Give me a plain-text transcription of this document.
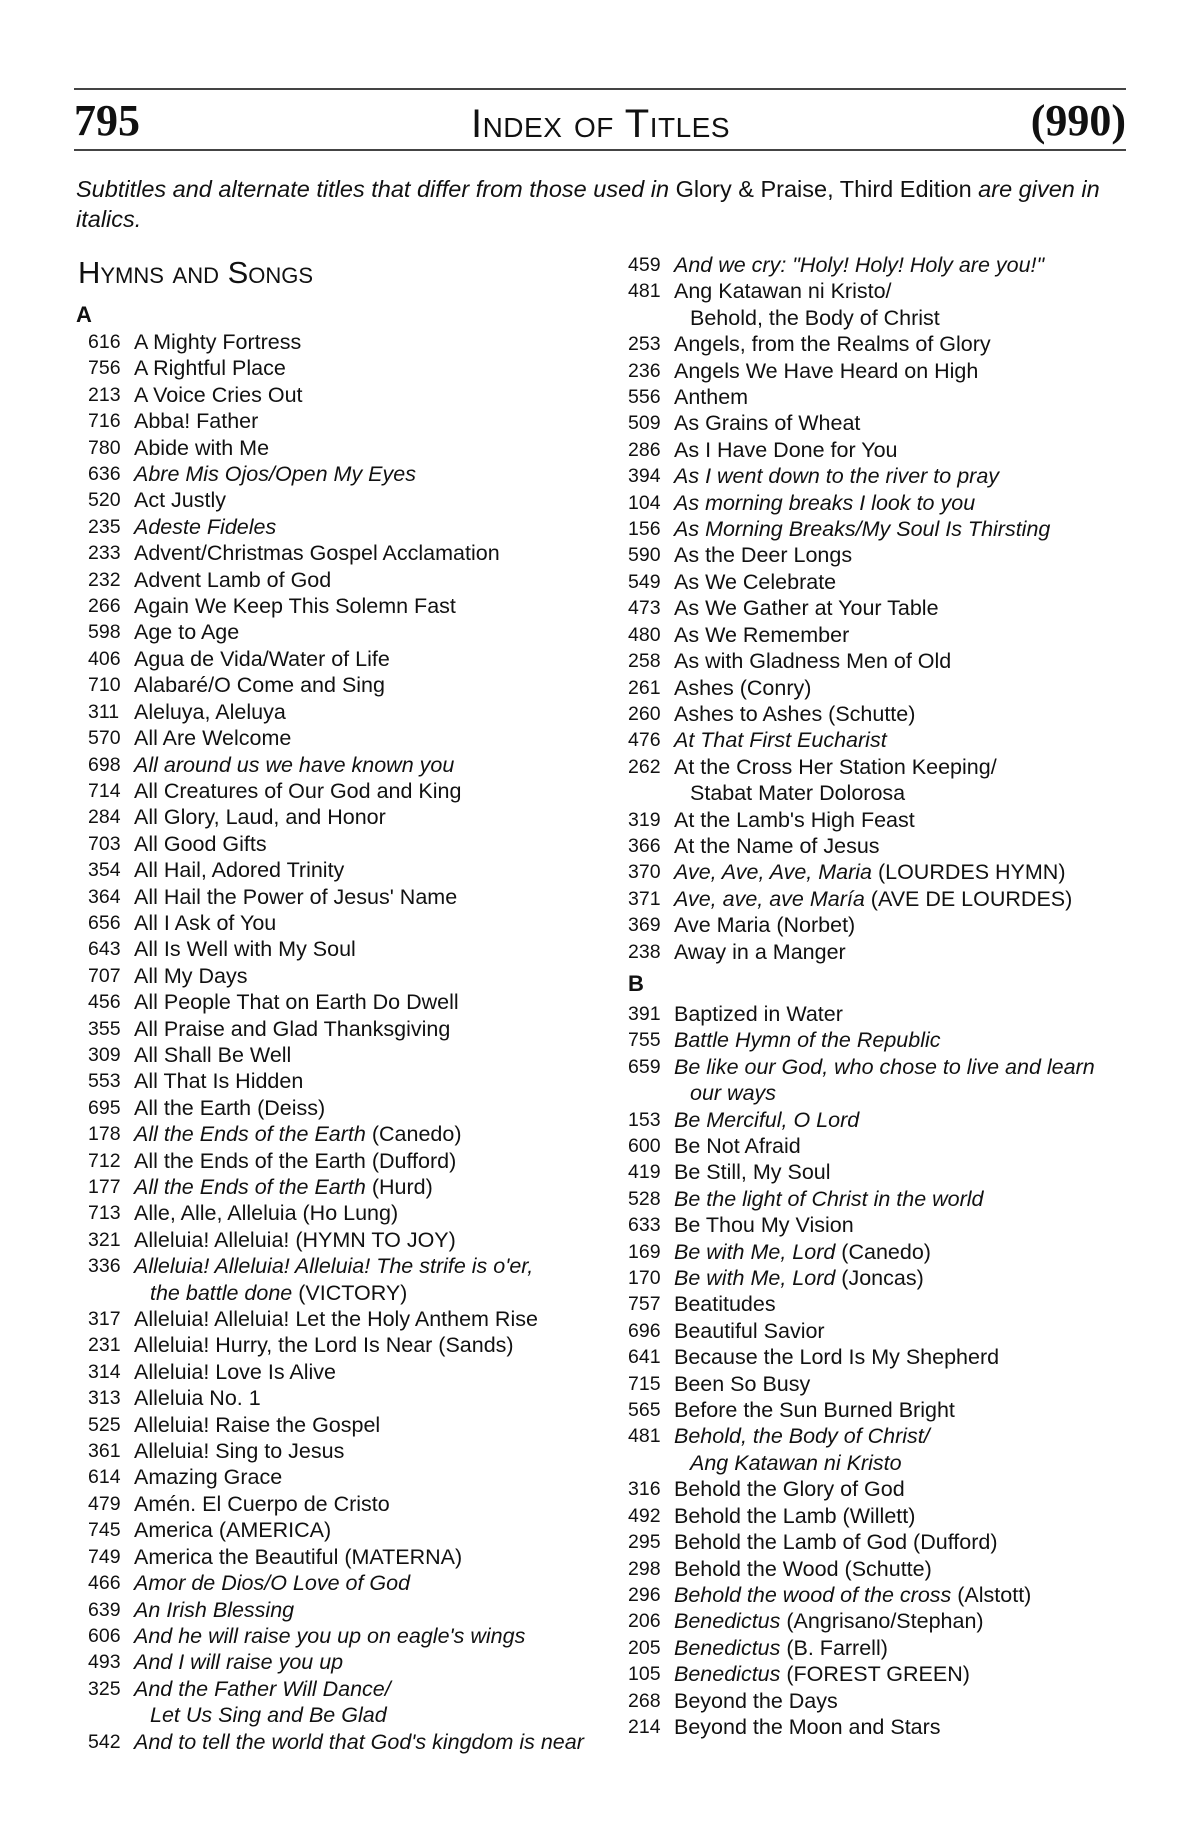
795	Index of Titles	(990)
Subtitles and alternate titles that differ from those used in Glory & Praise, Third Edition are given in italics.
Hymns and Songs
A
616 A Mighty Fortress
756 A Rightful Place
213 A Voice Cries Out
716 Abba! Father
780 Abide with Me
636 Abre Mis Ojos/Open My Eyes
520 Act Justly
235 Adeste Fideles
233 Advent/Christmas Gospel Acclamation
232 Advent Lamb of God
266 Again We Keep This Solemn Fast
598 Age to Age
406 Agua de Vida/Water of Life
710 Alabaré/O Come and Sing
311 Aleluya, Aleluya
570 All Are Welcome
698 All around us we have known you
714 All Creatures of Our God and King
284 All Glory, Laud, and Honor
703 All Good Gifts
354 All Hail, Adored Trinity
364 All Hail the Power of Jesus' Name
656 All I Ask of You
643 All Is Well with My Soul
707 All My Days
456 All People That on Earth Do Dwell
355 All Praise and Glad Thanksgiving
309 All Shall Be Well
553 All That Is Hidden
695 All the Earth (Deiss)
178 All the Ends of the Earth (Canedo)
712 All the Ends of the Earth (Dufford)
177 All the Ends of the Earth (Hurd)
713 Alle, Alle, Alleluia (Ho Lung)
321 Alleluia! Alleluia! (HYMN TO JOY)
336 Alleluia! Alleluia! Alleluia! The strife is o'er,
the battle done (VICTORY)
317 Alleluia! Alleluia! Let the Holy Anthem Rise
231 Alleluia! Hurry, the Lord Is Near (Sands)
314 Alleluia! Love Is Alive
313 Alleluia No. 1
525 Alleluia! Raise the Gospel
361 Alleluia! Sing to Jesus
614 Amazing Grace
479 Amén. El Cuerpo de Cristo
745 America (AMERICA)
749 America the Beautiful (MATERNA)
466 Amor de Dios/O Love of God
639 An Irish Blessing
606 And he will raise you up on eagle's wings
493 And I will raise you up
325 And the Father Will Dance/
Let Us Sing and Be Glad
542 And to tell the world that God's kingdom is near
459 And we cry: "Holy! Holy! Holy are you!"
481 Ang Katawan ni Kristo/
Behold, the Body of Christ
253 Angels, from the Realms of Glory
236 Angels We Have Heard on High
556 Anthem
509 As Grains of Wheat
286 As I Have Done for You
394 As I went down to the river to pray
104 As morning breaks I look to you
156 As Morning Breaks/My Soul Is Thirsting
590 As the Deer Longs
549 As We Celebrate
473 As We Gather at Your Table
480 As We Remember
258 As with Gladness Men of Old
261 Ashes (Conry)
260 Ashes to Ashes (Schutte)
476 At That First Eucharist
262 At the Cross Her Station Keeping/
Stabat Mater Dolorosa
319 At the Lamb's High Feast
366 At the Name of Jesus
370 Ave, Ave, Ave, Maria (LOURDES HYMN)
371 Ave, ave, ave María (AVE DE LOURDES)
369 Ave Maria (Norbet)
238 Away in a Manger
B
391 Baptized in Water
755 Battle Hymn of the Republic
659 Be like our God, who chose to live and learn
our ways
153 Be Merciful, O Lord
600 Be Not Afraid
419 Be Still, My Soul
528 Be the light of Christ in the world
633 Be Thou My Vision
169 Be with Me, Lord (Canedo)
170 Be with Me, Lord (Joncas)
757 Beatitudes
696 Beautiful Savior
641 Because the Lord Is My Shepherd
715 Been So Busy
565 Before the Sun Burned Bright
481 Behold, the Body of Christ/
Ang Katawan ni Kristo
316 Behold the Glory of God
492 Behold the Lamb (Willett)
295 Behold the Lamb of God (Dufford)
298 Behold the Wood (Schutte)
296 Behold the wood of the cross (Alstott)
206 Benedictus (Angrisano/Stephan)
205 Benedictus (B. Farrell)
105 Benedictus (FOREST GREEN)
268 Beyond the Days
214 Beyond the Moon and Stars
